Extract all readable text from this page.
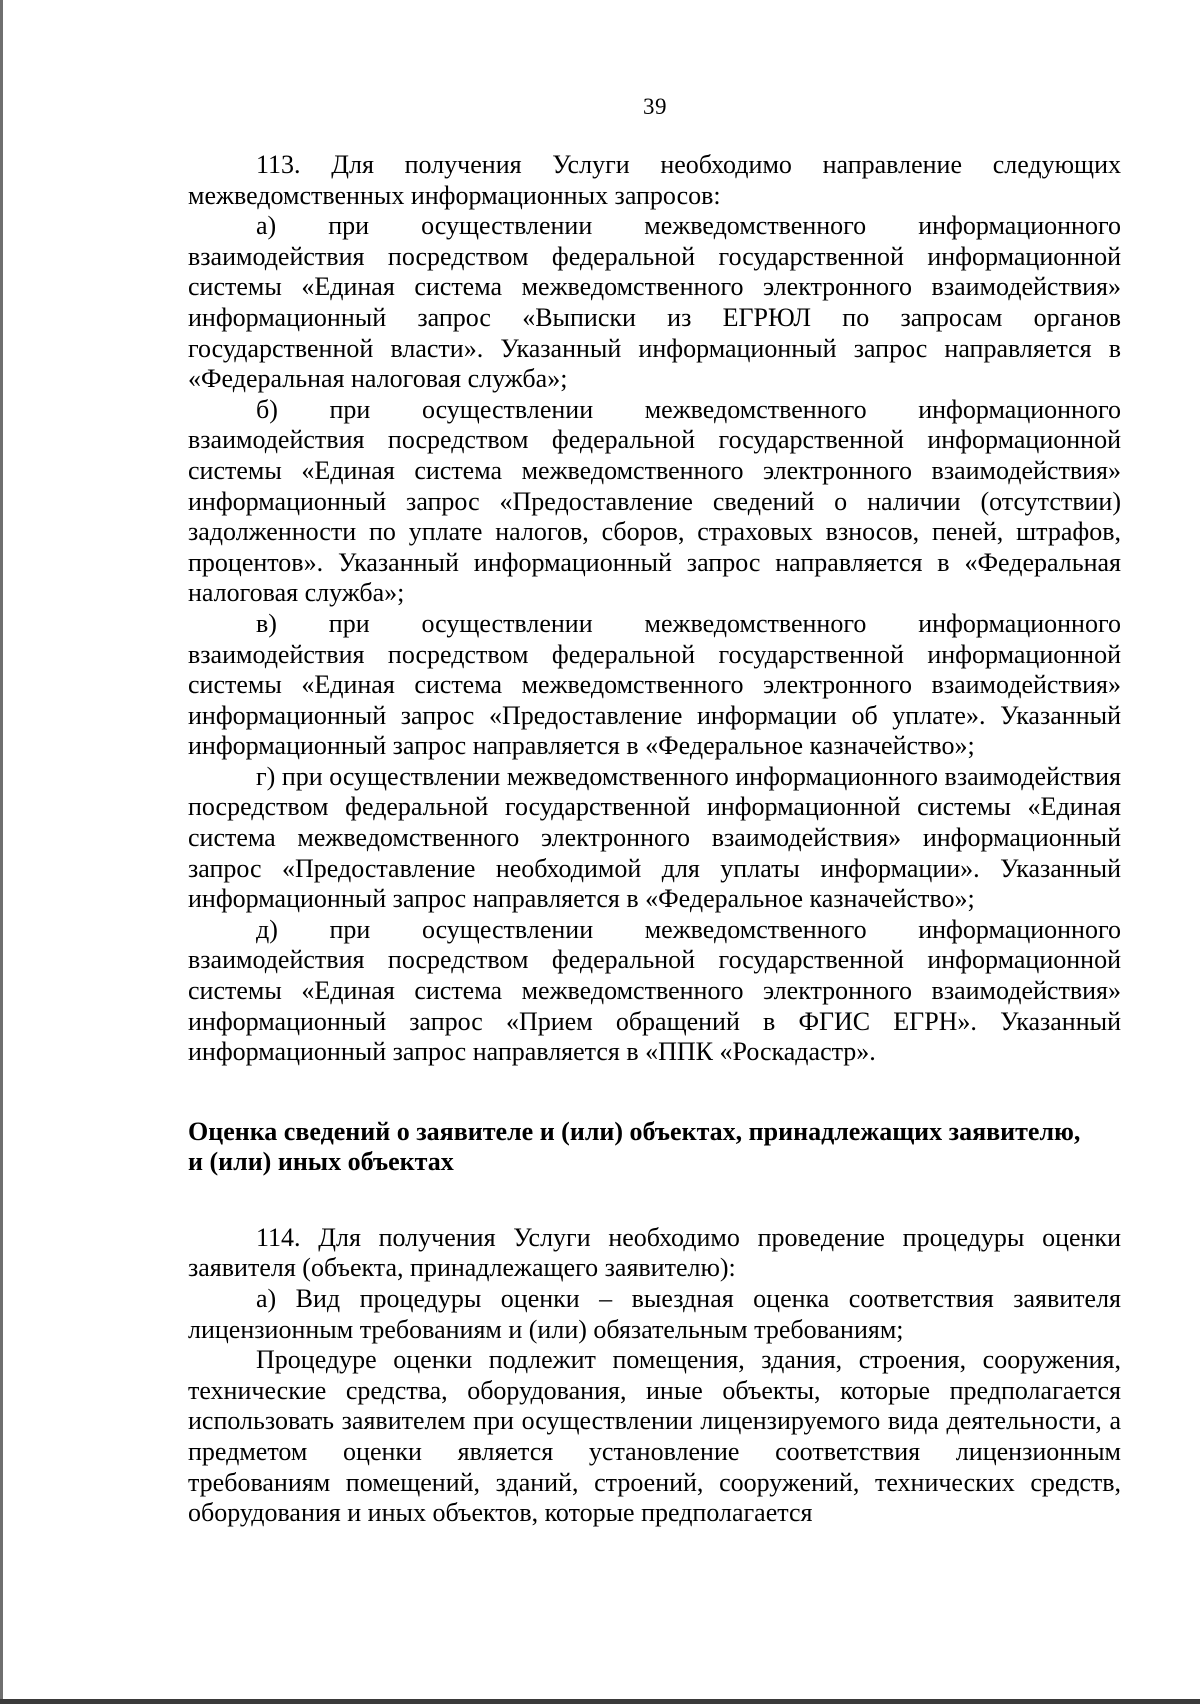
39

113. Для получения Услуги необходимо направление следующих межведомственных информационных запросов:

а) при осуществлении межведомственного информационного взаимодействия посредством федеральной государственной информационной системы «Единая система межведомственного электронного взаимодействия» информационный запрос «Выписки из ЕГРЮЛ по запросам органов государственной власти». Указанный информационный запрос направляется в «Федеральная налоговая служба»;

б) при осуществлении межведомственного информационного взаимодействия посредством федеральной государственной информационной системы «Единая система межведомственного электронного взаимодействия» информационный запрос «Предоставление сведений о наличии (отсутствии) задолженности по уплате налогов, сборов, страховых взносов, пеней, штрафов, процентов». Указанный информационный запрос направляется в «Федеральная налоговая служба»;

в) при осуществлении межведомственного информационного взаимодействия посредством федеральной государственной информационной системы «Единая система межведомственного электронного взаимодействия» информационный запрос «Предоставление информации об уплате». Указанный информационный запрос направляется в «Федеральное казначейство»;

г) при осуществлении межведомственного информационного взаимодействия посредством федеральной государственной информационной системы «Единая система межведомственного электронного взаимодействия» информационный запрос «Предоставление необходимой для уплаты информации». Указанный информационный запрос направляется в «Федеральное казначейство»;

д) при осуществлении межведомственного информационного взаимодействия посредством федеральной государственной информационной системы «Единая система межведомственного электронного взаимодействия» информационный запрос «Прием обращений в ФГИС ЕГРН». Указанный информационный запрос направляется в «ППК «Роскадастр».

Оценка сведений о заявителе и (или) объектах, принадлежащих заявителю,
и (или) иных объектах

114. Для получения Услуги необходимо проведение процедуры оценки заявителя (объекта, принадлежащего заявителю):

а) Вид процедуры оценки – выездная оценка соответствия заявителя лицензионным требованиям и (или) обязательным требованиям;

Процедуре оценки подлежит помещения, здания, строения, сооружения, технические средства, оборудования, иные объекты, которые предполагается использовать заявителем при осуществлении лицензируемого вида деятельности, а предметом оценки является установление соответствия лицензионным требованиям помещений, зданий, строений, сооружений, технических средств, оборудования и иных объектов, которые предполагается
